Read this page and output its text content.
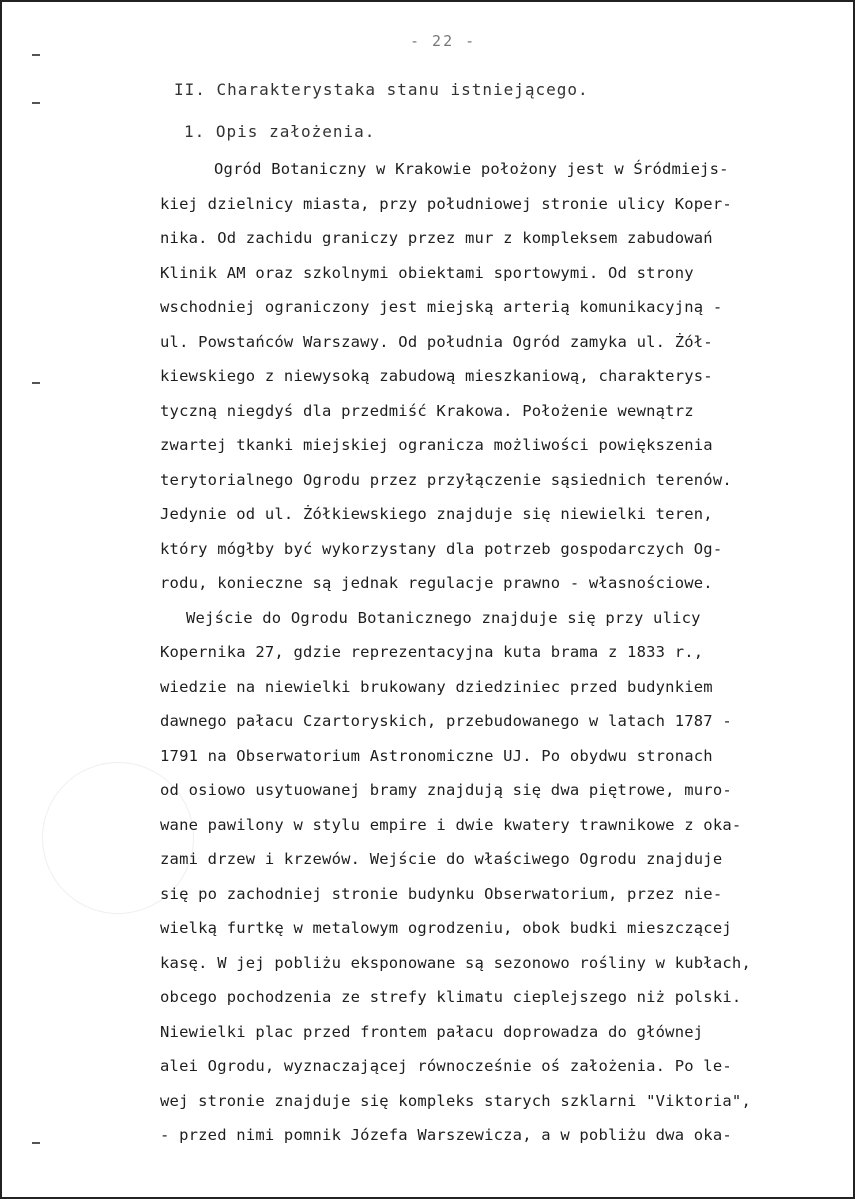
- 22 -
II. Charakterystaka stanu istniejącego.
1. Opis założenia.
Ogród Botaniczny w Krakowie położony jest w Śródmiejs-
kiej dzielnicy miasta, przy południowej stronie ulicy Koper-
nika. Od zachidu graniczy przez mur z kompleksem zabudowań
Klinik AM oraz szkolnymi obiektami sportowymi. Od strony
wschodniej ograniczony jest miejską arterią komunikacyjną -
ul. Powstańców Warszawy. Od południa Ogród zamyka ul. Żół-
kiewskiego z niewysoką zabudową mieszkaniową, charakterys-
tyczną niegdyś dla przedmiść Krakowa. Położenie wewnątrz
zwartej tkanki miejskiej ogranicza możliwości powiększenia
terytorialnego Ogrodu przez przyłączenie sąsiednich terenów.
Jedynie od ul. Żółkiewskiego znajduje się niewielki teren,
który mógłby być wykorzystany dla potrzeb gospodarczych Og-
rodu, konieczne są jednak regulacje prawno - własnościowe.
Wejście do Ogrodu Botanicznego znajduje się przy ulicy
Kopernika 27, gdzie reprezentacyjna kuta brama z 1833 r.,
wiedzie na niewielki brukowany dziedziniec przed budynkiem
dawnego pałacu Czartoryskich, przebudowanego w latach 1787 -
1791 na Obserwatorium Astronomiczne UJ. Po obydwu stronach
od osiowo usytuowanej bramy znajdują się dwa piętrowe, muro-
wane pawilony w stylu empire i dwie kwatery trawnikowe z oka-
zami drzew i krzewów. Wejście do właściwego Ogrodu znajduje
się po zachodniej stronie budynku Obserwatorium, przez nie-
wielką furtkę w metalowym ogrodzeniu, obok budki mieszczącej
kasę. W jej pobliżu eksponowane są sezonowo rośliny w kubłach,
obcego pochodzenia ze strefy klimatu cieplejszego niż polski.
Niewielki plac przed frontem pałacu doprowadza do głównej
alei Ogrodu, wyznaczającej równocześnie oś założenia. Po le-
wej stronie znajduje się kompleks starych szklarni "Viktoria",
- przed nimi pomnik Józefa Warszewicza, a w pobliżu dwa oka-
